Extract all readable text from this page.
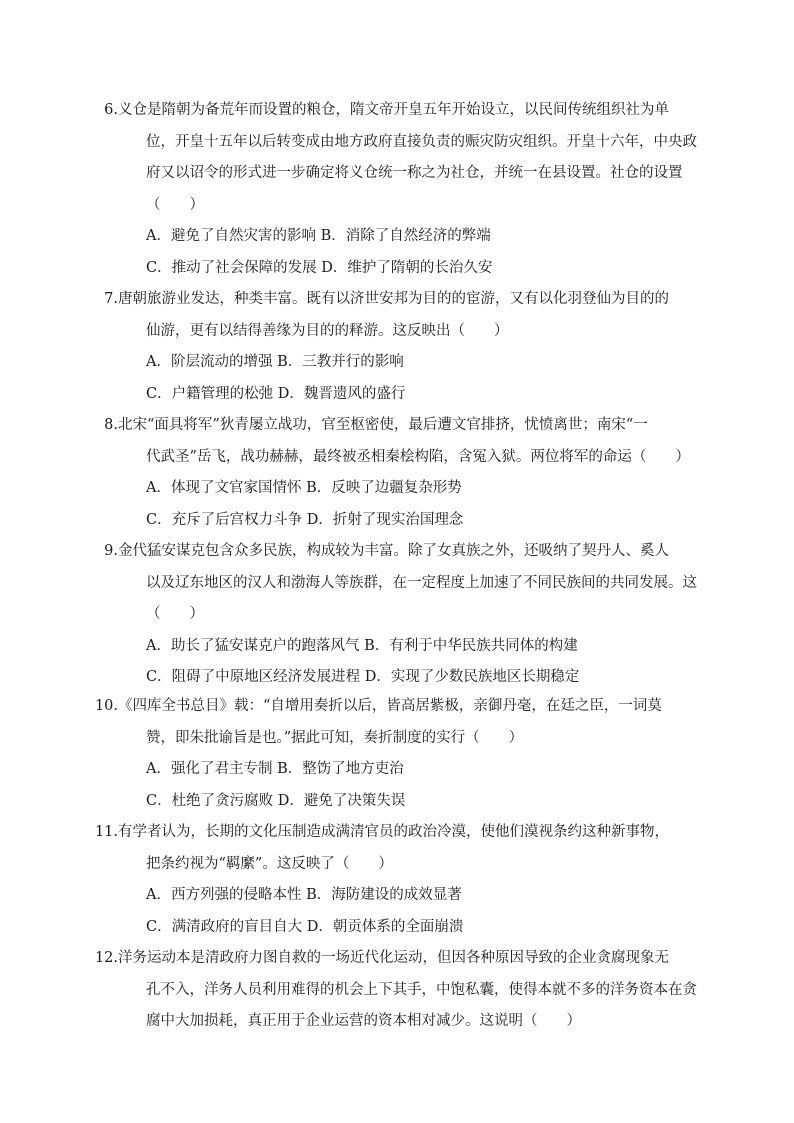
6. 义仓是隋朝为备荒年而设置的粮仓，隋文帝开皇五年开始设立，以民间传统组织社为单
位，开皇十五年以后转变成由地方政府直接负责的赈灾防灾组织。开皇十六年，中央政
府又以诏令的形式进一步确定将义仓统一称之为社仓，并统一在县设置。社仓的设置
（　　）
A．避免了自然灾害的影响 B．消除了自然经济的弊端
C．推动了社会保障的发展 D．维护了隋朝的长治久安
7. 唐朝旅游业发达，种类丰富。既有以济世安邦为目的的宦游，又有以化羽登仙为目的的
仙游，更有以结得善缘为目的的释游。这反映出（　　）
A．阶层流动的增强 B．三教并行的影响
C．户籍管理的松弛 D．魏晋遗风的盛行
8. 北宋“面具将军”狄青屡立战功，官至枢密使，最后遭文官排挤，忧愤离世；南宋“一
代武圣”岳飞，战功赫赫，最终被丞相秦桧构陷，含冤入狱。两位将军的命运（　　）
A．体现了文官家国情怀 B．反映了边疆复杂形势
C．充斥了后宫权力斗争 D．折射了现实治国理念
9. 金代猛安谋克包含众多民族，构成较为丰富。除了女真族之外，还吸纳了契丹人、奚人
以及辽东地区的汉人和渤海人等族群，在一定程度上加速了不同民族间的共同发展。这
（　　）
A．助长了猛安谋克户的跑落风气 B．有利于中华民族共同体的构建
C．阻碍了中原地区经济发展进程 D．实现了少数民族地区长期稳定
10. 《四库全书总目》载：“自增用奏折以后，皆高居紫极，亲御丹毫，在廷之臣，一词莫
赞，即朱批谕旨是也。”据此可知，奏折制度的实行（　　）
A．强化了君主专制 B．整饬了地方吏治
C．杜绝了贪污腐败 D．避免了决策失误
11. 有学者认为，长期的文化压制造成满清官员的政治冷漠，使他们漠视条约这种新事物，
把条约视为“羁縻”。这反映了（　　）
A．西方列强的侵略本性 B．海防建设的成效显著
C．满清政府的盲目自大 D．朝贡体系的全面崩溃
12. 洋务运动本是清政府力图自救的一场近代化运动，但因各种原因导致的企业贪腐现象无
孔不入，洋务人员利用难得的机会上下其手，中饱私囊，使得本就不多的洋务资本在贪
腐中大加损耗，真正用于企业运营的资本相对减少。这说明（　　）
